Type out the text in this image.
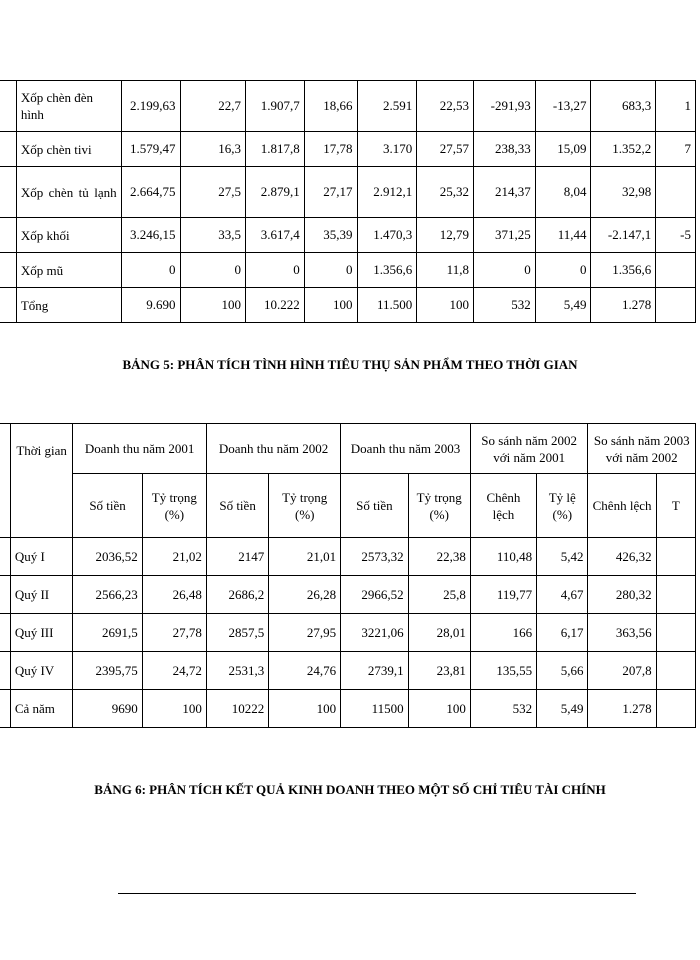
	Xốp chèn đèn hình	2.199,63	22,7	1.907,7	18,66	2.591	22,53	-291,93	-13,27	683,3	1
	Xốp chèn tivi	1.579,47	16,3	1.817,8	17,78	3.170	27,57	238,33	15,09	1.352,2	7
	Xốp chèn tủ lạnh	2.664,75	27,5	2.879,1	27,17	2.912,1	25,32	214,37	8,04	32,98	
	Xốp khối	3.246,15	33,5	3.617,4	35,39	1.470,3	12,79	371,25	11,44	-2.147,1	-5
	Xốp mũ	0	0	0	0	1.356,6	11,8	0	0	1.356,6	
	Tổng	9.690	100	10.222	100	11.500	100	532	5,49	1.278	
BẢNG 5: PHÂN TÍCH TÌNH HÌNH TIÊU THỤ SẢN PHẨM THEO THỜI GIAN
	Thời gian	Doanh thu năm 2001		Doanh thu năm 2002		Doanh thu năm 2003		So sánh năm 2002 với năm 2001		So sánh năm 2003 với năm 2002	
		Số tiền	Tỷ trọng (%)	Số tiền	Tỷ trọng (%)	Số tiền	Tỷ trọng (%)	Chênh lệch	Tỷ lệ (%)	Chênh lệch	T
	Quý I	2036,52	21,02	2147	21,01	2573,32	22,38	110,48	5,42	426,32	
	Quý II	2566,23	26,48	2686,2	26,28	2966,52	25,8	119,77	4,67	280,32	
	Quý III	2691,5	27,78	2857,5	27,95	3221,06	28,01	166	6,17	363,56	
	Quý IV	2395,75	24,72	2531,3	24,76	2739,1	23,81	135,55	5,66	207,8	
	Cả năm	9690	100	10222	100	11500	100	532	5,49	1.278	
BẢNG 6: PHÂN TÍCH KẾT QUẢ KINH DOANH THEO MỘT SỐ CHỈ TIÊU TÀI CHÍNH
